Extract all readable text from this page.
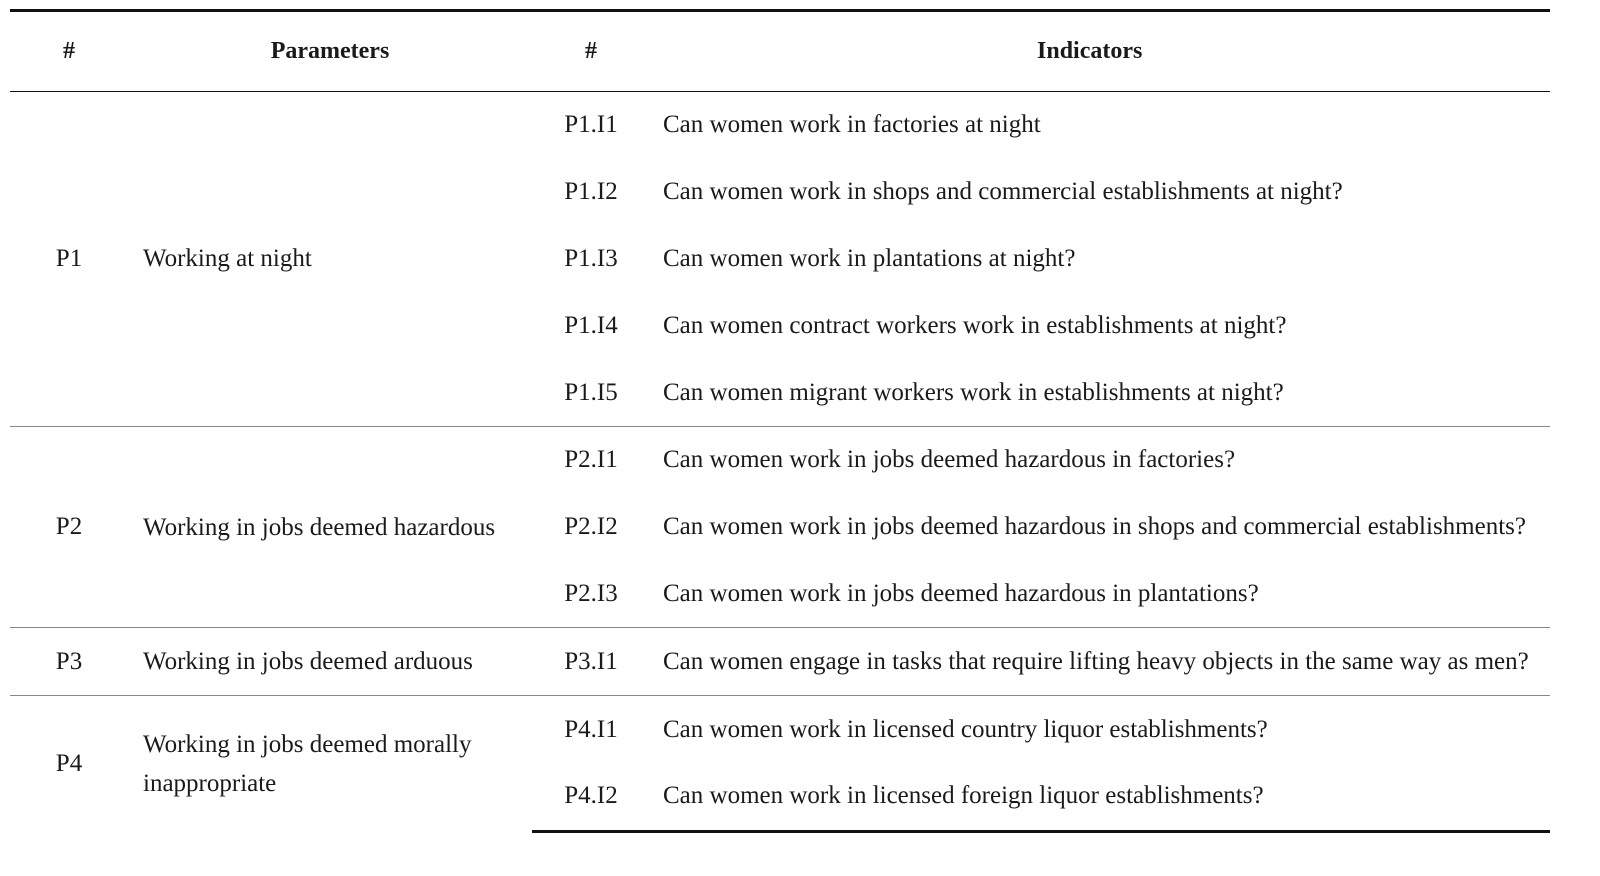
#	Parameters	#	Indicators
P1	Working at night	P1.I1	Can women work in factories at night
		P1.I2	Can women work in shops and commercial establishments at night?
		P1.I3	Can women work in plantations at night?
		P1.I4	Can women contract workers work in establishments at night?
		P1.I5	Can women migrant workers work in establishments at night?
P2	Working in jobs deemed hazardous	P2.I1	Can women work in jobs deemed hazardous in factories?
		P2.I2	Can women work in jobs deemed hazardous in shops and commercial establishments?
		P2.I3	Can women work in jobs deemed hazardous in plantations?
P3	Working in jobs deemed arduous	P3.I1	Can women engage in tasks that require lifting heavy objects in the same way as men?
P4	Working in jobs deemed morally inappropriate	P4.I1	Can women work in licensed country liquor establishments?
		P4.I2	Can women work in licensed foreign liquor establishments?
